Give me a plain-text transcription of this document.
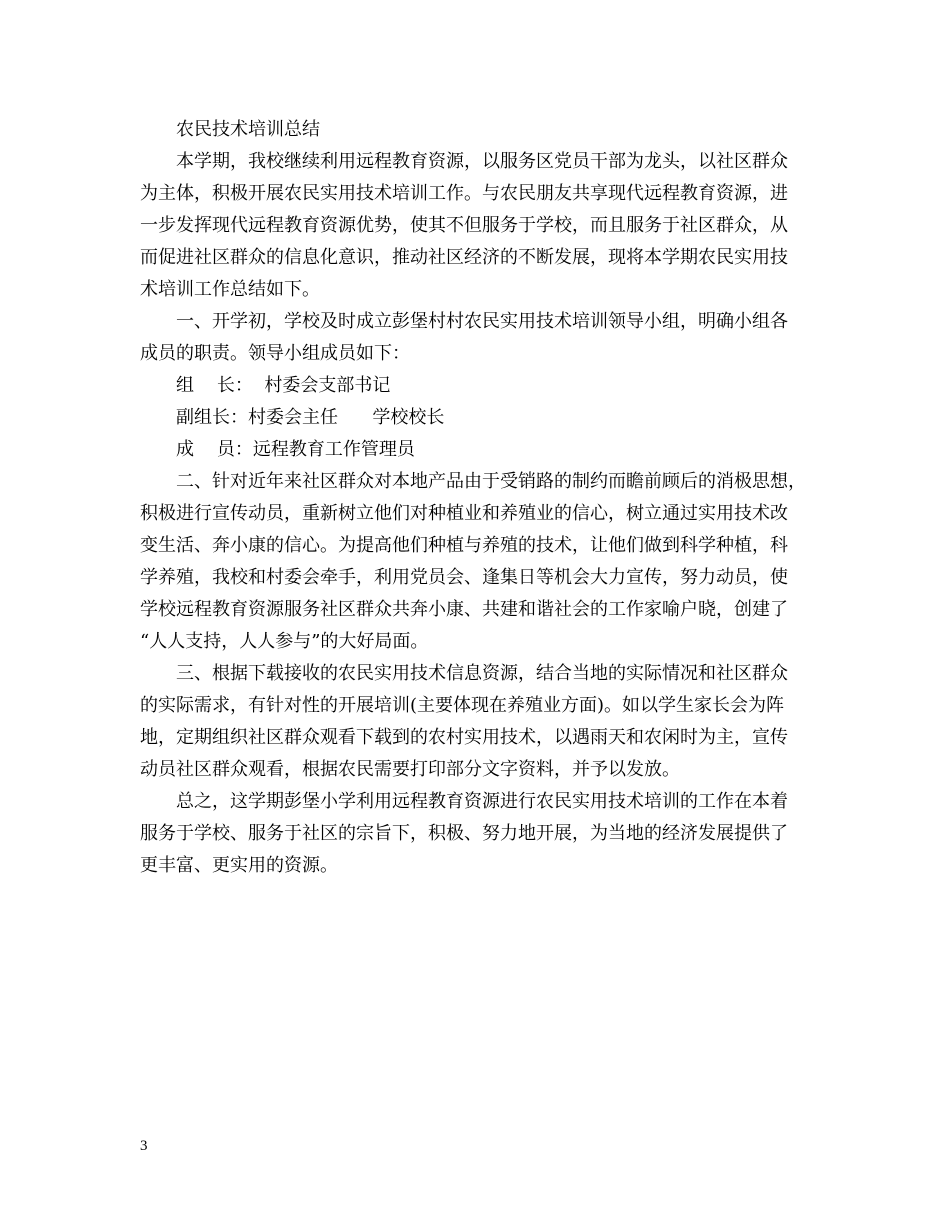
农民技术培训总结
本学期，我校继续利用远程教育资源，以服务区党员干部为龙头，以社区群众
为主体，积极开展农民实用技术培训工作。与农民朋友共享现代远程教育资源，进
一步发挥现代远程教育资源优势，使其不但服务于学校，而且服务于社区群众，从
而促进社区群众的信息化意识，推动社区经济的不断发展，现将本学期农民实用技
术培训工作总结如下。
一、开学初，学校及时成立彭堡村村农民实用技术培训领导小组，明确小组各
成员的职责。领导小组成员如下：
组    长：  村委会支部书记
副组长：村委会主任      学校校长
成    员：远程教育工作管理员
二、针对近年来社区群众对本地产品由于受销路的制约而瞻前顾后的消极思想，
积极进行宣传动员，重新树立他们对种植业和养殖业的信心，树立通过实用技术改
变生活、奔小康的信心。为提高他们种植与养殖的技术，让他们做到科学种植，科
学养殖，我校和村委会牵手，利用党员会、逢集日等机会大力宣传，努力动员，使
学校远程教育资源服务社区群众共奔小康、共建和谐社会的工作家喻户晓，创建了
“人人支持，人人参与”的大好局面。
三、根据下载接收的农民实用技术信息资源，结合当地的实际情况和社区群众
的实际需求，有针对性的开展培训(主要体现在养殖业方面)。如以学生家长会为阵
地，定期组织社区群众观看下载到的农村实用技术，以遇雨天和农闲时为主，宣传
动员社区群众观看，根据农民需要打印部分文字资料，并予以发放。
总之，这学期彭堡小学利用远程教育资源进行农民实用技术培训的工作在本着
服务于学校、服务于社区的宗旨下，积极、努力地开展，为当地的经济发展提供了
更丰富、更实用的资源。
3
